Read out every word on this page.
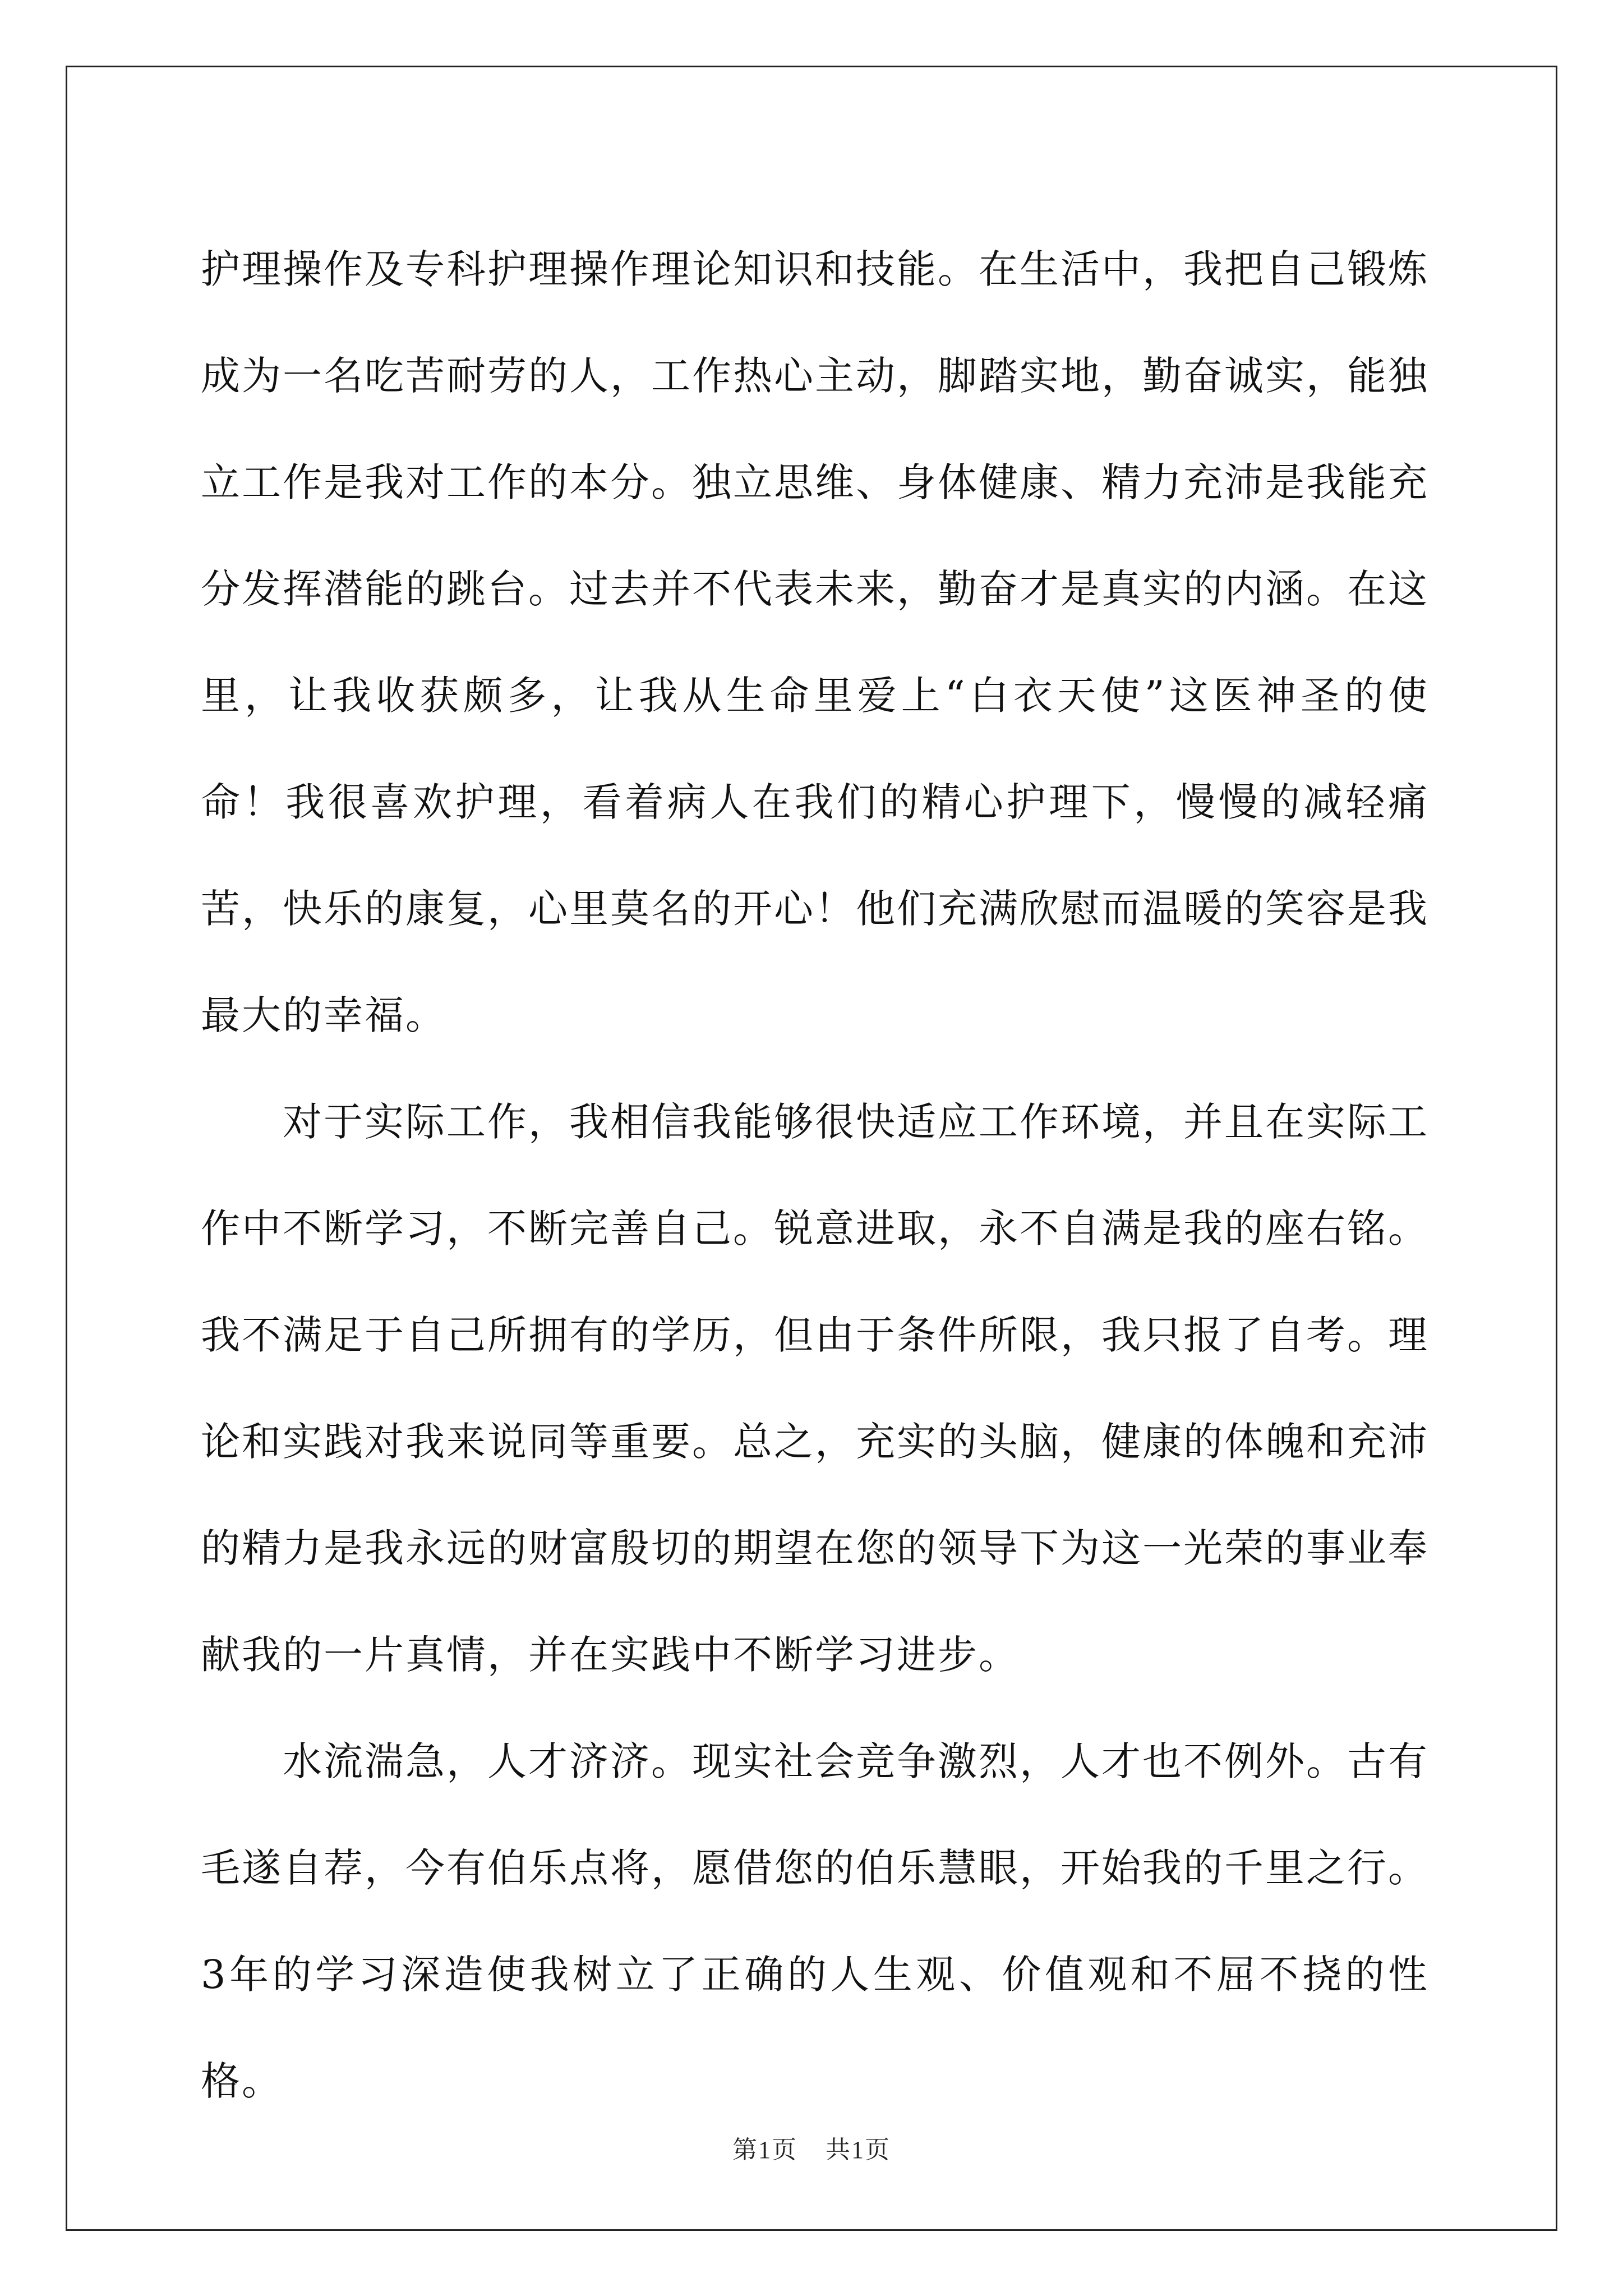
护理操作及专科护理操作理论知识和技能。在生活中，我把自己锻炼成为一名吃苦耐劳的人，工作热心主动，脚踏实地，勤奋诚实，能独立工作是我对工作的本分。独立思维、身体健康、精力充沛是我能充分发挥潜能的跳台。过去并不代表未来，勤奋才是真实的内涵。在这里，让我收获颇多，让我从生命里爱上“白衣天使”这医神圣的使命！我很喜欢护理，看着病人在我们的精心护理下，慢慢的减轻痛苦，快乐的康复，心里莫名的开心！他们充满欣慰而温暖的笑容是我最大的幸福。

对于实际工作，我相信我能够很快适应工作环境，并且在实际工作中不断学习，不断完善自己。锐意进取，永不自满是我的座右铭。我不满足于自己所拥有的学历，但由于条件所限，我只报了自考。理论和实践对我来说同等重要。总之，充实的头脑，健康的体魄和充沛的精力是我永远的财富殷切的期望在您的领导下为这一光荣的事业奉献我的一片真情，并在实践中不断学习进步。

水流湍急，人才济济。现实社会竞争激烈，人才也不例外。古有毛遂自荐，今有伯乐点将，愿借您的伯乐慧眼，开始我的千里之行。3年的学习深造使我树立了正确的人生观、价值观和不屈不挠的性格。

第1页 共1页
